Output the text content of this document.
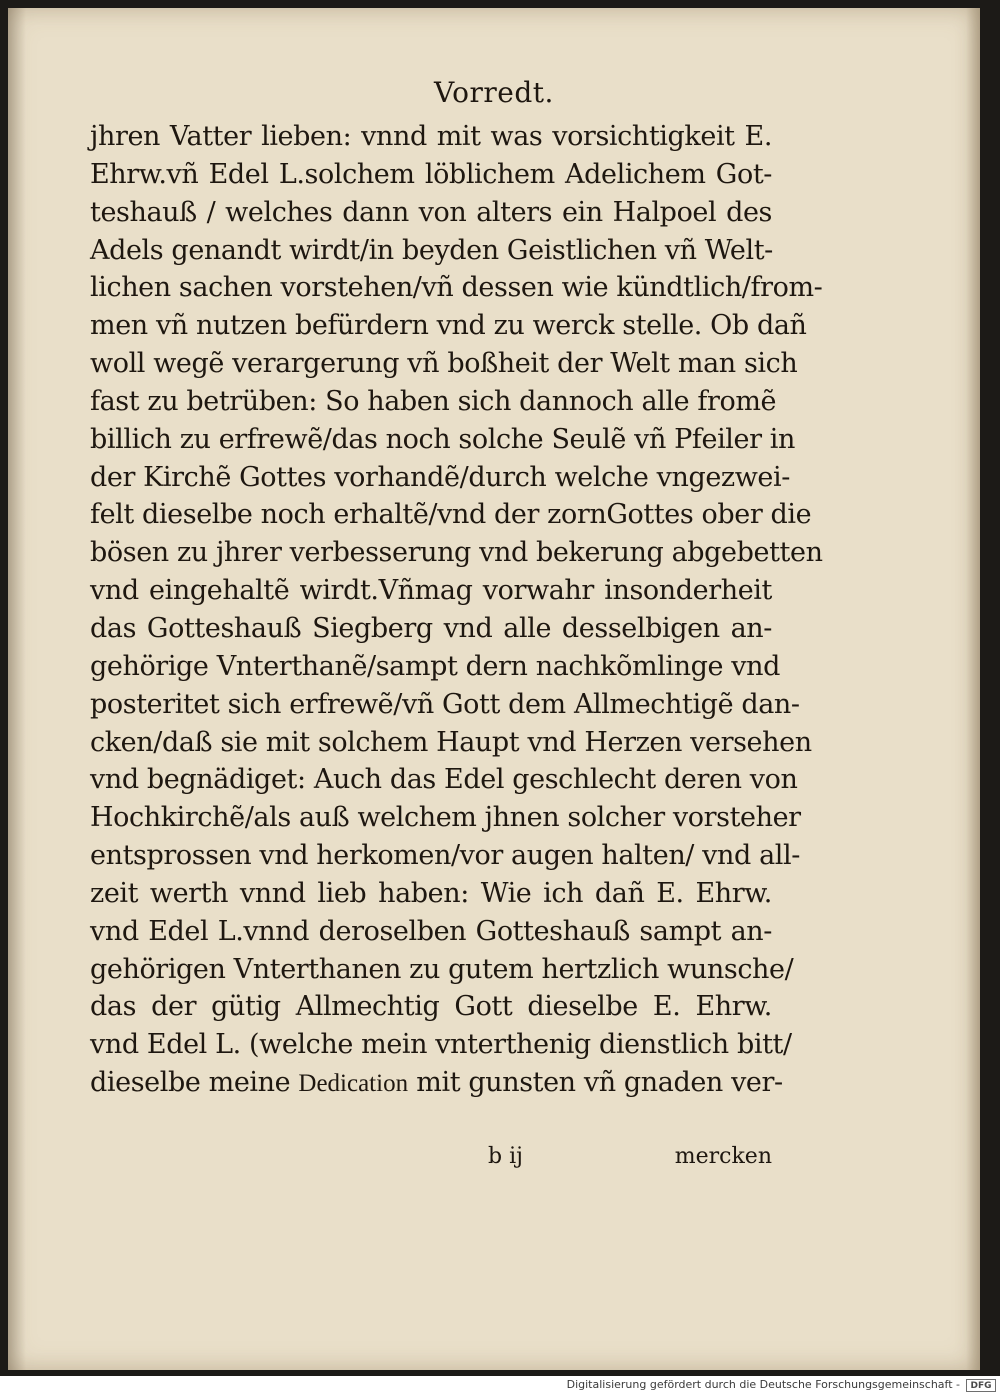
Vorredt.
jhren Vatter lieben: vnnd mit was vorsichtigkeit E.
Ehrw.vñ Edel L.solchem löblichem Adelichem Got-
teshauß / welches dann von alters ein Halpoel des
Adels genandt wirdt/in beyden Geistlichen vñ Welt-
lichen sachen vorstehen/vñ dessen wie kündtlich/from-
men vñ nutzen befürdern vnd zu werck stelle. Ob dañ
woll wegẽ verargerung vñ boßheit der Welt man sich
fast zu betrüben: So haben sich dannoch alle fromẽ
billich zu erfrewẽ/das noch solche Seulẽ vñ Pfeiler in
der Kirchẽ Gottes vorhandẽ/durch welche vngezwei-
felt dieselbe noch erhaltẽ/vnd der zornGottes ober die
bösen zu jhrer verbesserung vnd bekerung abgebetten
vnd eingehaltẽ wirdt.Vñmag vorwahr insonderheit
das Gotteshauß Siegberg vnd alle desselbigen an-
gehörige Vnterthanẽ/sampt dern nachkõmlinge vnd
posteritet sich erfrewẽ/vñ Gott dem Allmechtigẽ dan-
cken/daß sie mit solchem Haupt vnd Herzen versehen
vnd begnädiget: Auch das Edel geschlecht deren von
Hochkirchẽ/als auß welchem jhnen solcher vorsteher
entsprossen vnd herkomen/vor augen halten/ vnd all-
zeit werth vnnd lieb haben: Wie ich dañ E. Ehrw.
vnd Edel L.vnnd deroselben Gotteshauß sampt an-
gehörigen Vnterthanen zu gutem hertzlich wunsche/
das der gütig Allmechtig Gott dieselbe E. Ehrw.
vnd Edel L. (welche mein vnterthenig dienstlich bitt/
dieselbe meine Dedication mit gunsten vñ gnaden ver-
b ij	mercken
Digitalisierung gefördert durch die Deutsche Forschungsgemeinschaft -	DFG
